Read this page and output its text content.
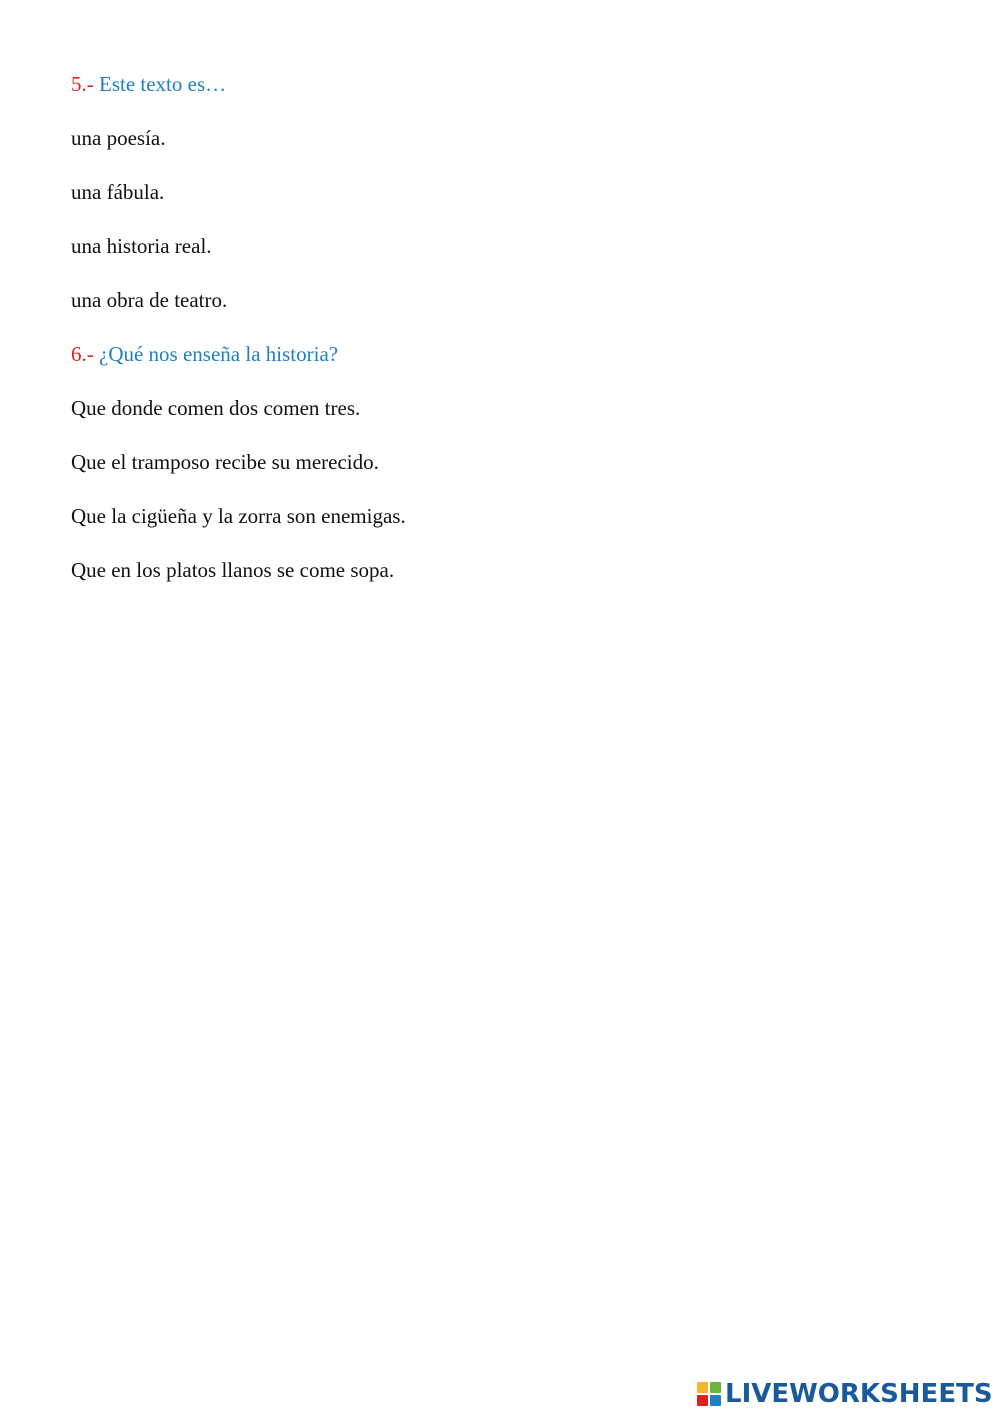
5.- Este texto es…
una poesía.
una fábula.
una historia real.
una obra de teatro.
6.- ¿Qué nos enseña la historia?
Que donde comen dos comen tres.
Que el tramposo recibe su merecido.
Que la cigüeña y la zorra son enemigas.
Que en los platos llanos se come sopa.
LIVEWORKSHEETS
